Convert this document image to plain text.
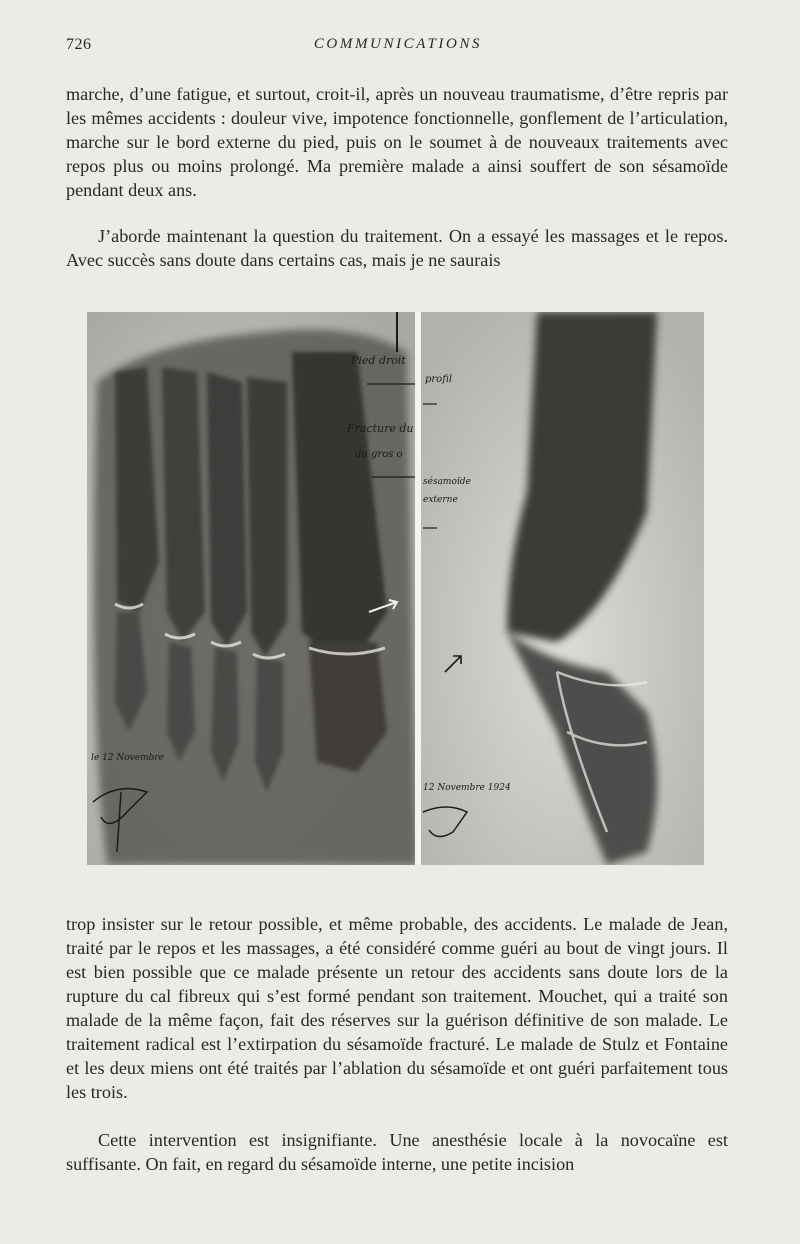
726	COMMUNICATIONS

marche, d’une fatigue, et surtout, croit-il, après un nouveau traumatisme, d’être repris par les mêmes accidents : douleur vive, impotence fonctionnelle, gonflement de l’articulation, marche sur le bord externe du pied, puis on le soumet à de nouveaux traitements avec repos plus ou moins prolongé. Ma première malade a ainsi souffert de son sésamoïde pendant deux ans.

J’aborde maintenant la question du traitement. On a essayé les massages et le repos. Avec succès sans doute dans certains cas, mais je ne saurais

Pied droit
Fracture du
du gros o
le 12 Novembre
profil
sésamoïde
externe
12 Novembre 1924

trop insister sur le retour possible, et même probable, des accidents. Le malade de Jean, traité par le repos et les massages, a été considéré comme guéri au bout de vingt jours. Il est bien possible que ce malade présente un retour des accidents sans doute lors de la rupture du cal fibreux qui s’est formé pendant son traitement. Mouchet, qui a traité son malade de la même façon, fait des réserves sur la guérison définitive de son malade. Le traitement radical est l’extirpation du sésamoïde fracturé. Le malade de Stulz et Fontaine et les deux miens ont été traités par l’ablation du sésamoïde et ont guéri parfaitement tous les trois.

Cette intervention est insignifiante. Une anesthésie locale à la novocaïne est suffisante. On fait, en regard du sésamoïde interne, une petite incision
